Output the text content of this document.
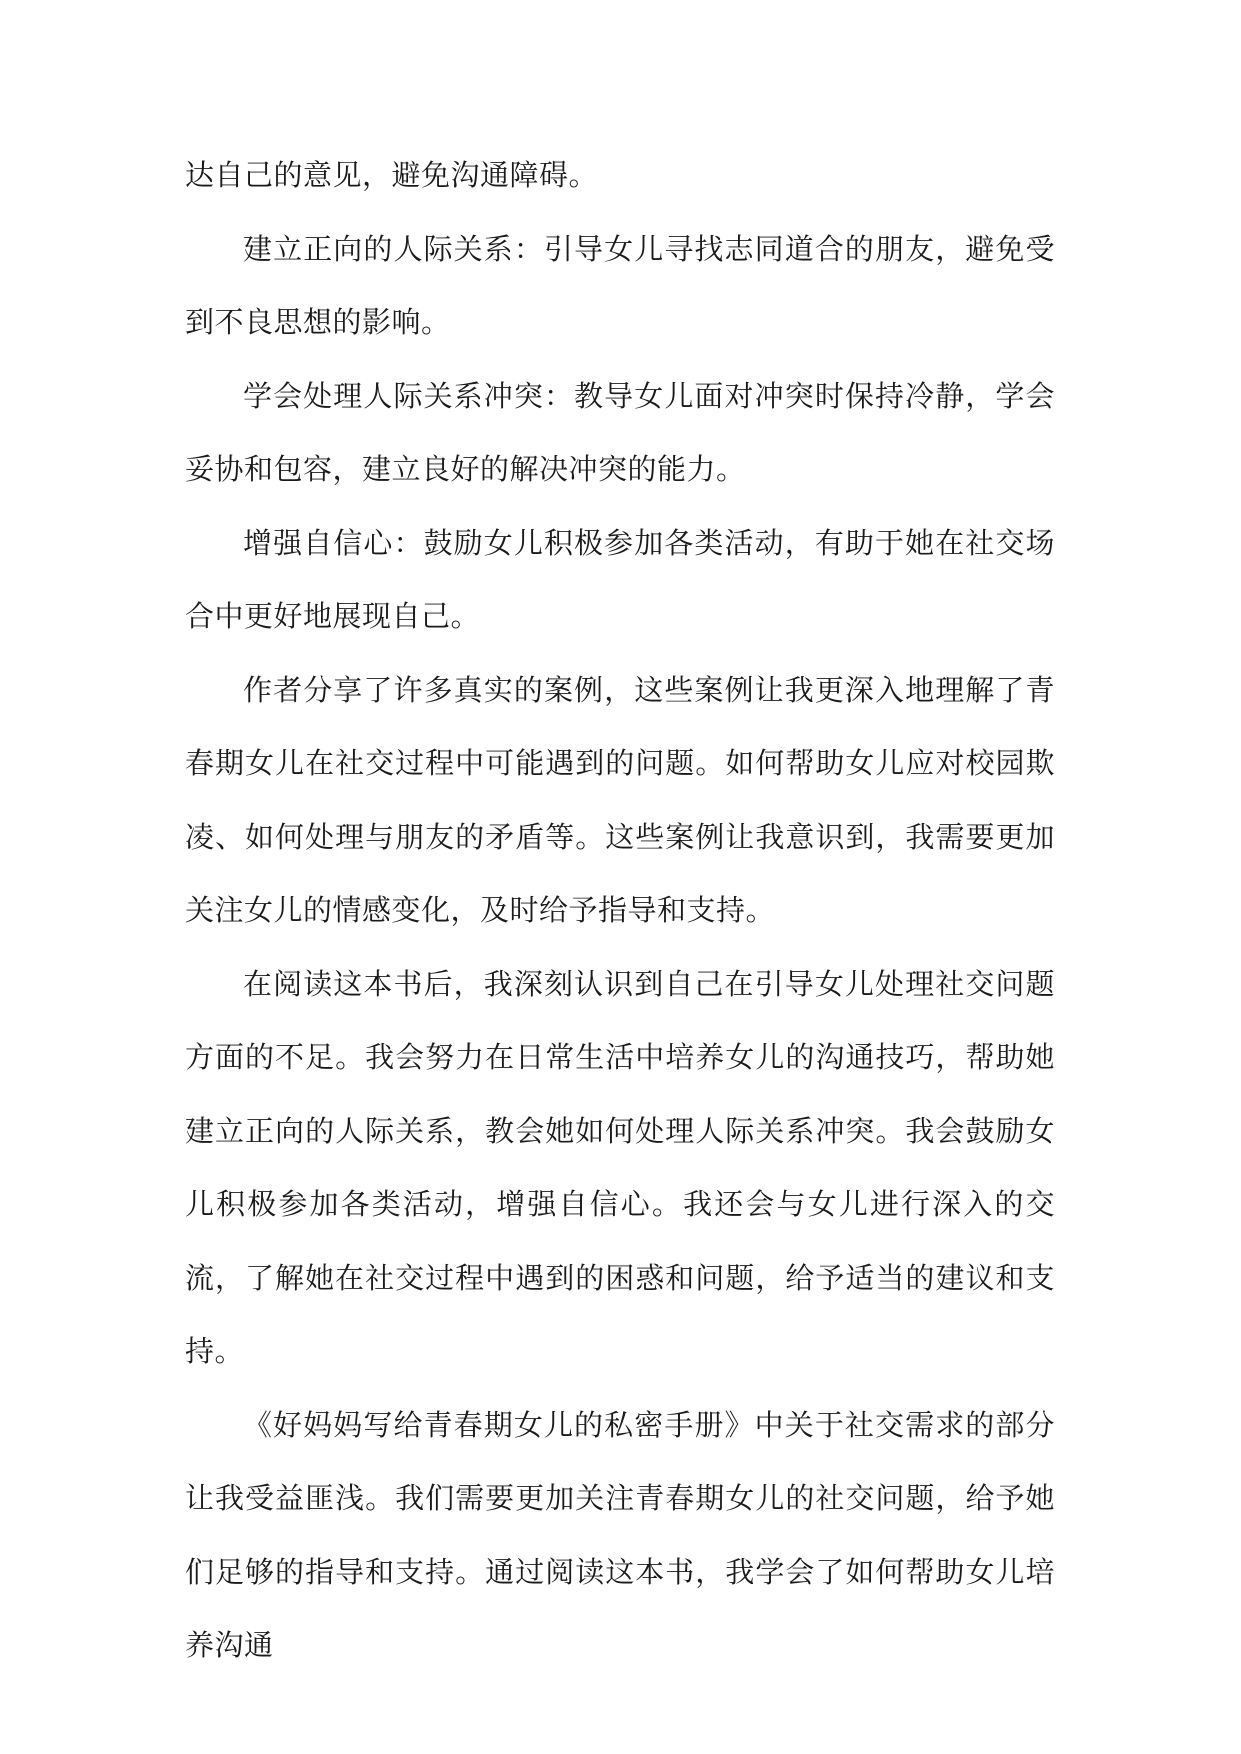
达自己的意见，避免沟通障碍。

建立正向的人际关系：引导女儿寻找志同道合的朋友，避免受到不良思想的影响。

学会处理人际关系冲突：教导女儿面对冲突时保持冷静，学会妥协和包容，建立良好的解决冲突的能力。

增强自信心：鼓励女儿积极参加各类活动，有助于她在社交场合中更好地展现自己。

作者分享了许多真实的案例，这些案例让我更深入地理解了青春期女儿在社交过程中可能遇到的问题。如何帮助女儿应对校园欺凌、如何处理与朋友的矛盾等。这些案例让我意识到，我需要更加关注女儿的情感变化，及时给予指导和支持。

在阅读这本书后，我深刻认识到自己在引导女儿处理社交问题方面的不足。我会努力在日常生活中培养女儿的沟通技巧，帮助她建立正向的人际关系，教会她如何处理人际关系冲突。我会鼓励女儿积极参加各类活动，增强自信心。我还会与女儿进行深入的交流，了解她在社交过程中遇到的困惑和问题，给予适当的建议和支持。

《好妈妈写给青春期女儿的私密手册》中关于社交需求的部分让我受益匪浅。我们需要更加关注青春期女儿的社交问题，给予她们足够的指导和支持。通过阅读这本书，我学会了如何帮助女儿培养沟通
